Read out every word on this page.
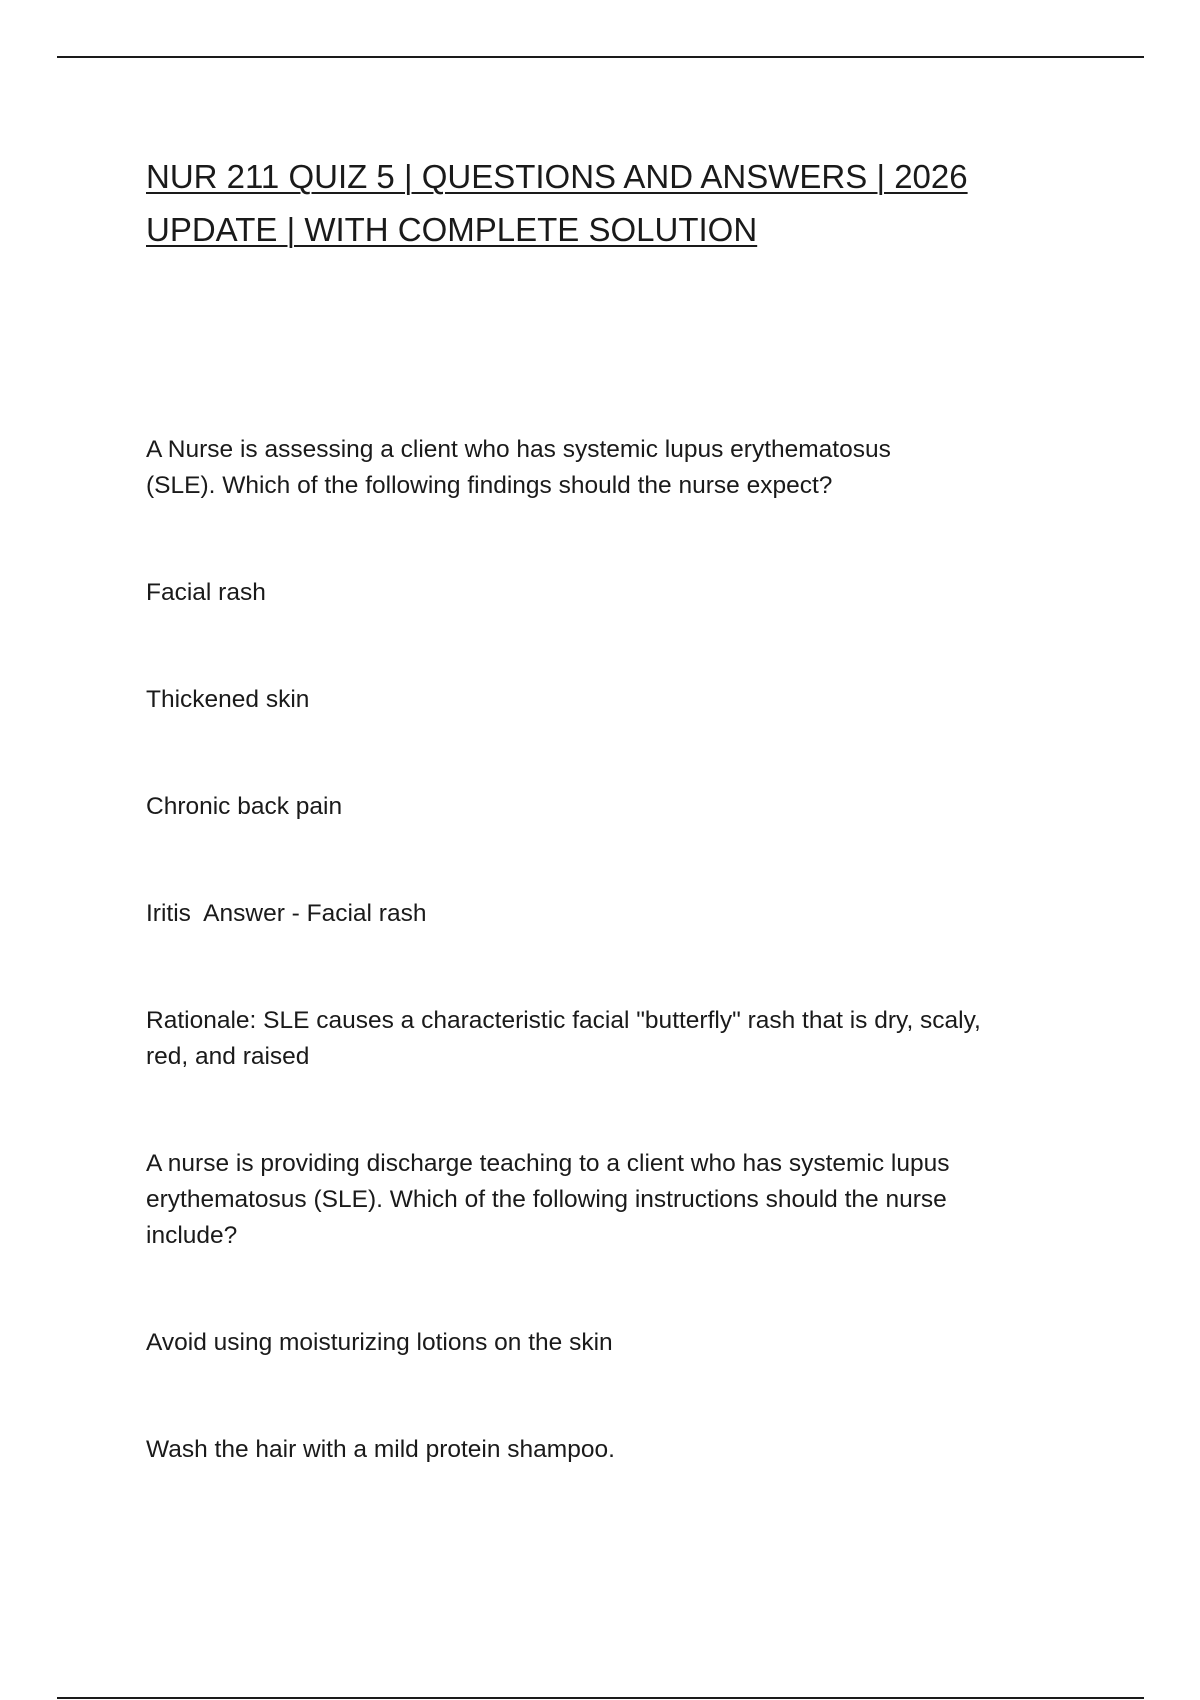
NUR 211 QUIZ 5 | QUESTIONS AND ANSWERS | 2026
UPDATE | WITH COMPLETE SOLUTION

A Nurse is assessing a client who has systemic lupus erythematosus (SLE). Which of the following findings should the nurse expect?

Facial rash

Thickened skin

Chronic back pain

Iritis  Answer - Facial rash

Rationale: SLE causes a characteristic facial "butterfly" rash that is dry, scaly, red, and raised

A nurse is providing discharge teaching to a client who has systemic lupus erythematosus (SLE). Which of the following instructions should the nurse include?

Avoid using moisturizing lotions on the skin

Wash the hair with a mild protein shampoo.
